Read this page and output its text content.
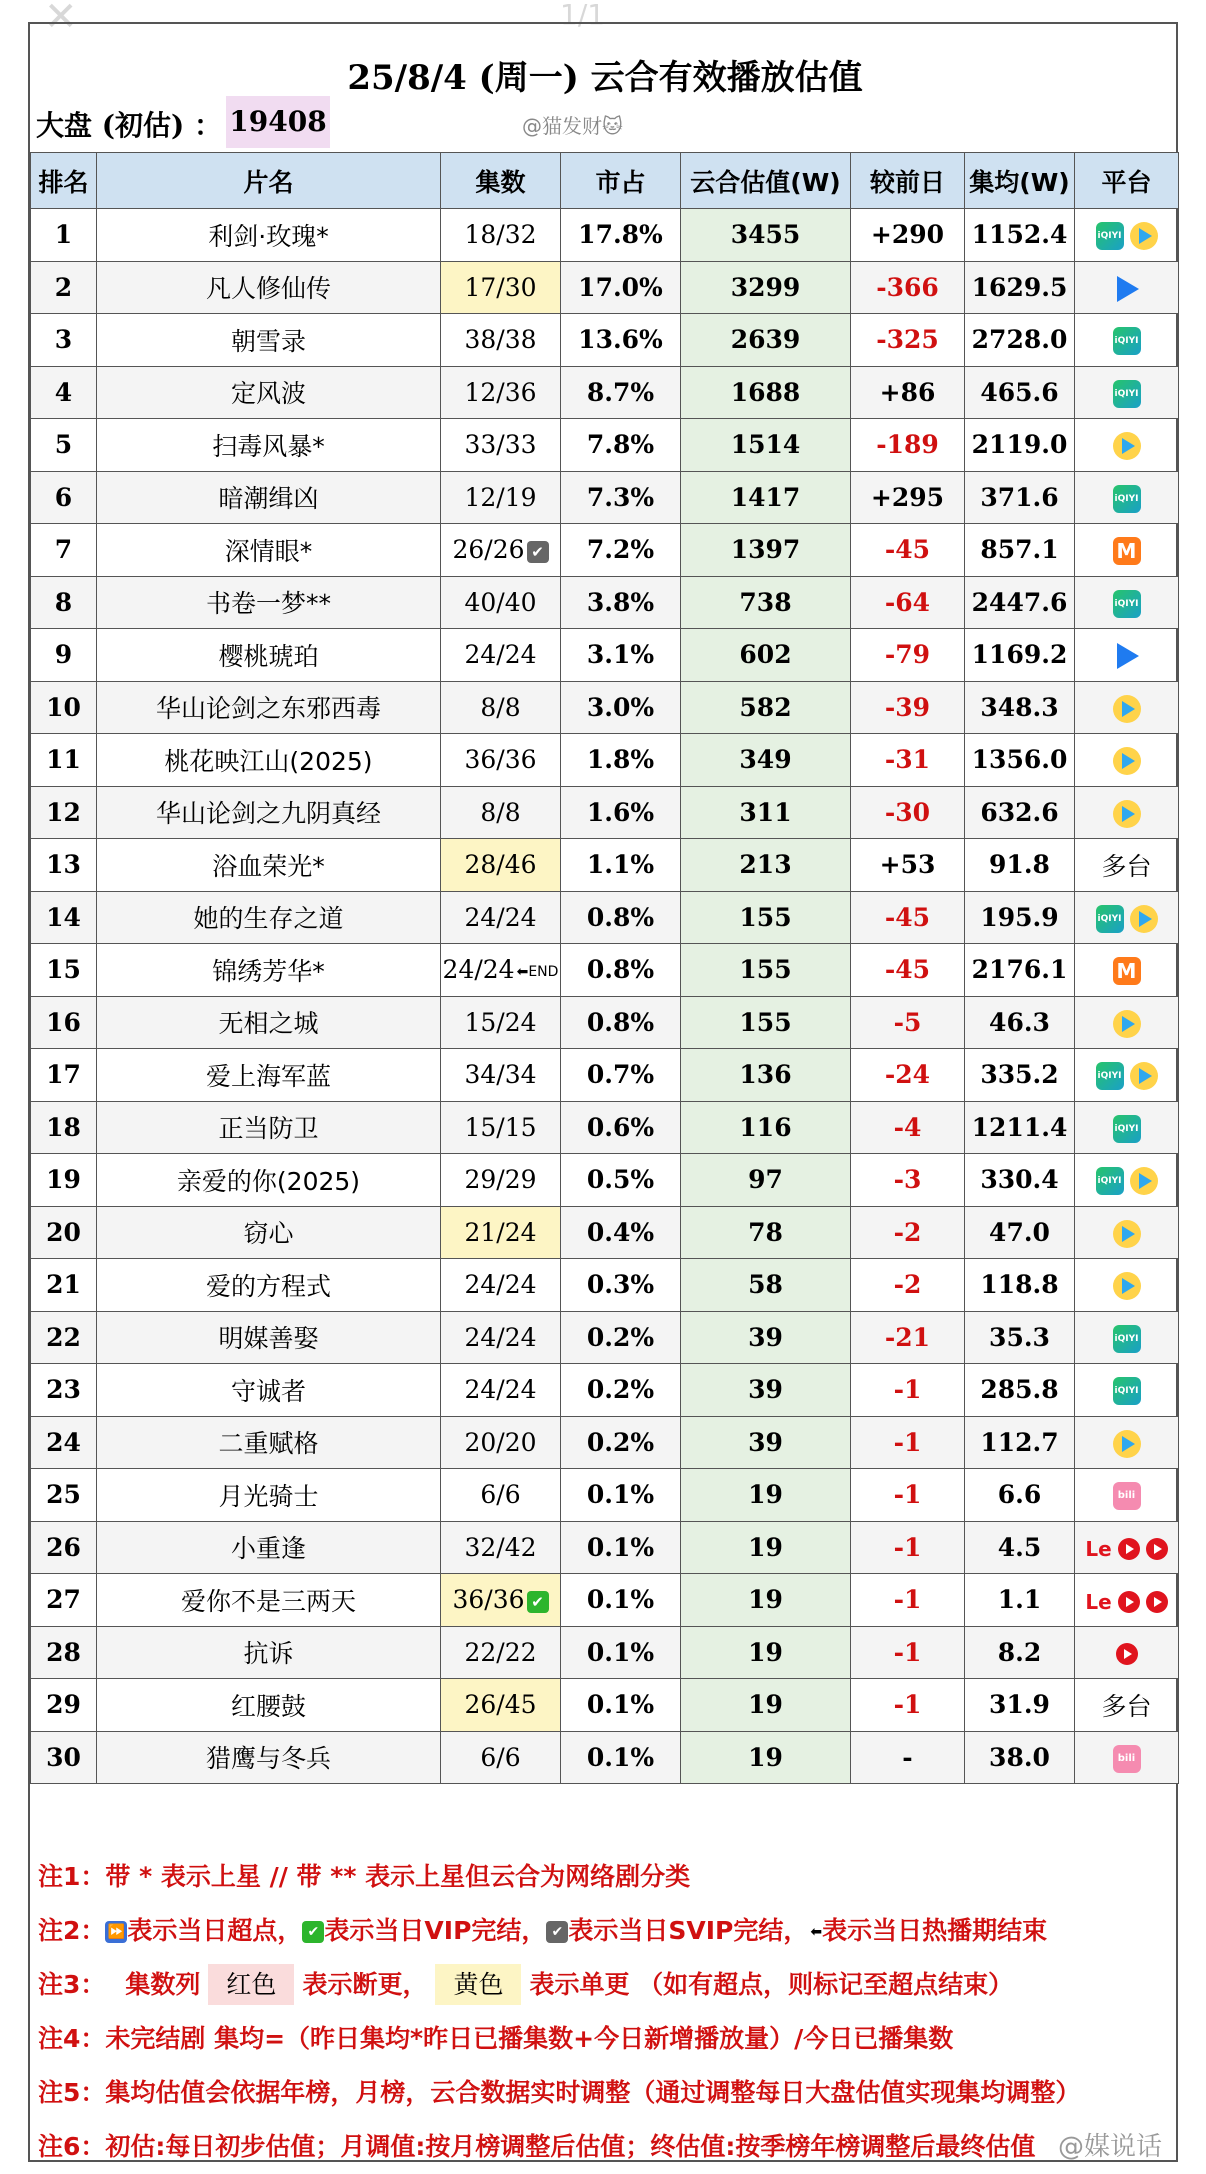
✕	1/1
25/8/4 (周一) 云合有效播放估值
大盘 (初估) ： 19408	@猫发财🐱
排名	片名	集数	市占	云合估值(W)	较前日	集均(W)	平台
1	利剑·玫瑰*	18/32	17.8%	3455	+290	1152.4	iQIYI
2	凡人修仙传	17/30	17.0%	3299	-366	1629.5	
3	朝雪录	38/38	13.6%	2639	-325	2728.0	iQIYI
4	定风波	12/36	8.7%	1688	+86	465.6	iQIYI
5	扫毒风暴*	33/33	7.8%	1514	-189	2119.0	
6	暗潮缉凶	12/19	7.3%	1417	+295	371.6	iQIYI
7	深情眼*	26/26 ✔	7.2%	1397	-45	857.1	M
8	书卷一梦**	40/40	3.8%	738	-64	2447.6	iQIYI
9	樱桃琥珀	24/24	3.1%	602	-79	1169.2	
10	华山论剑之东邪西毒	8/8	3.0%	582	-39	348.3	
11	桃花映江山(2025)	36/36	1.8%	349	-31	1356.0	
12	华山论剑之九阴真经	8/8	1.6%	311	-30	632.6	
13	浴血荣光*	28/46	1.1%	213	+53	91.8	多台
14	她的生存之道	24/24	0.8%	155	-45	195.9	iQIYI
15	锦绣芳华*	24/24 ⬅END	0.8%	155	-45	2176.1	M
16	无相之城	15/24	0.8%	155	-5	46.3	
17	爱上海军蓝	34/34	0.7%	136	-24	335.2	iQIYI
18	正当防卫	15/15	0.6%	116	-4	1211.4	iQIYI
19	亲爱的你(2025)	29/29	0.5%	97	-3	330.4	iQIYI
20	窃心	21/24	0.4%	78	-2	47.0	
21	爱的方程式	24/24	0.3%	58	-2	118.8	
22	明媒善娶	24/24	0.2%	39	-21	35.3	iQIYI
23	守诚者	24/24	0.2%	39	-1	285.8	iQIYI
24	二重赋格	20/20	0.2%	39	-1	112.7	
25	月光骑士	6/6	0.1%	19	-1	6.6	bili
26	小重逢	32/42	0.1%	19	-1	4.5	Le
27	爱你不是三两天	36/36 ✔	0.1%	19	-1	1.1	Le
28	抗诉	22/22	0.1%	19	-1	8.2	
29	红腰鼓	26/45	0.1%	19	-1	31.9	多台
30	猎鹰与冬兵	6/6	0.1%	19	-	38.0	bili
注1：带 * 表示上星 // 带 ** 表示上星但云合为网络剧分类
注2： ⏩表示当日超点， ✔ 表示当日VIP完结， ✔ 表示当日SVIP完结， ⬅表示当日热播期结束
注3： 集数列 红色 表示断更， 黄色 表示单更 （如有超点，则标记至超点结束）
注4：未完结剧 集均=（昨日集均*昨日已播集数+今日新增播放量）/今日已播集数
注5：集均估值会依据年榜，月榜，云合数据实时调整（通过调整每日大盘估值实现集均调整）
注6：初估:每日初步估值；月调值:按月榜调整后估值；终估值:按季榜年榜调整后最终估值 @媒说话
